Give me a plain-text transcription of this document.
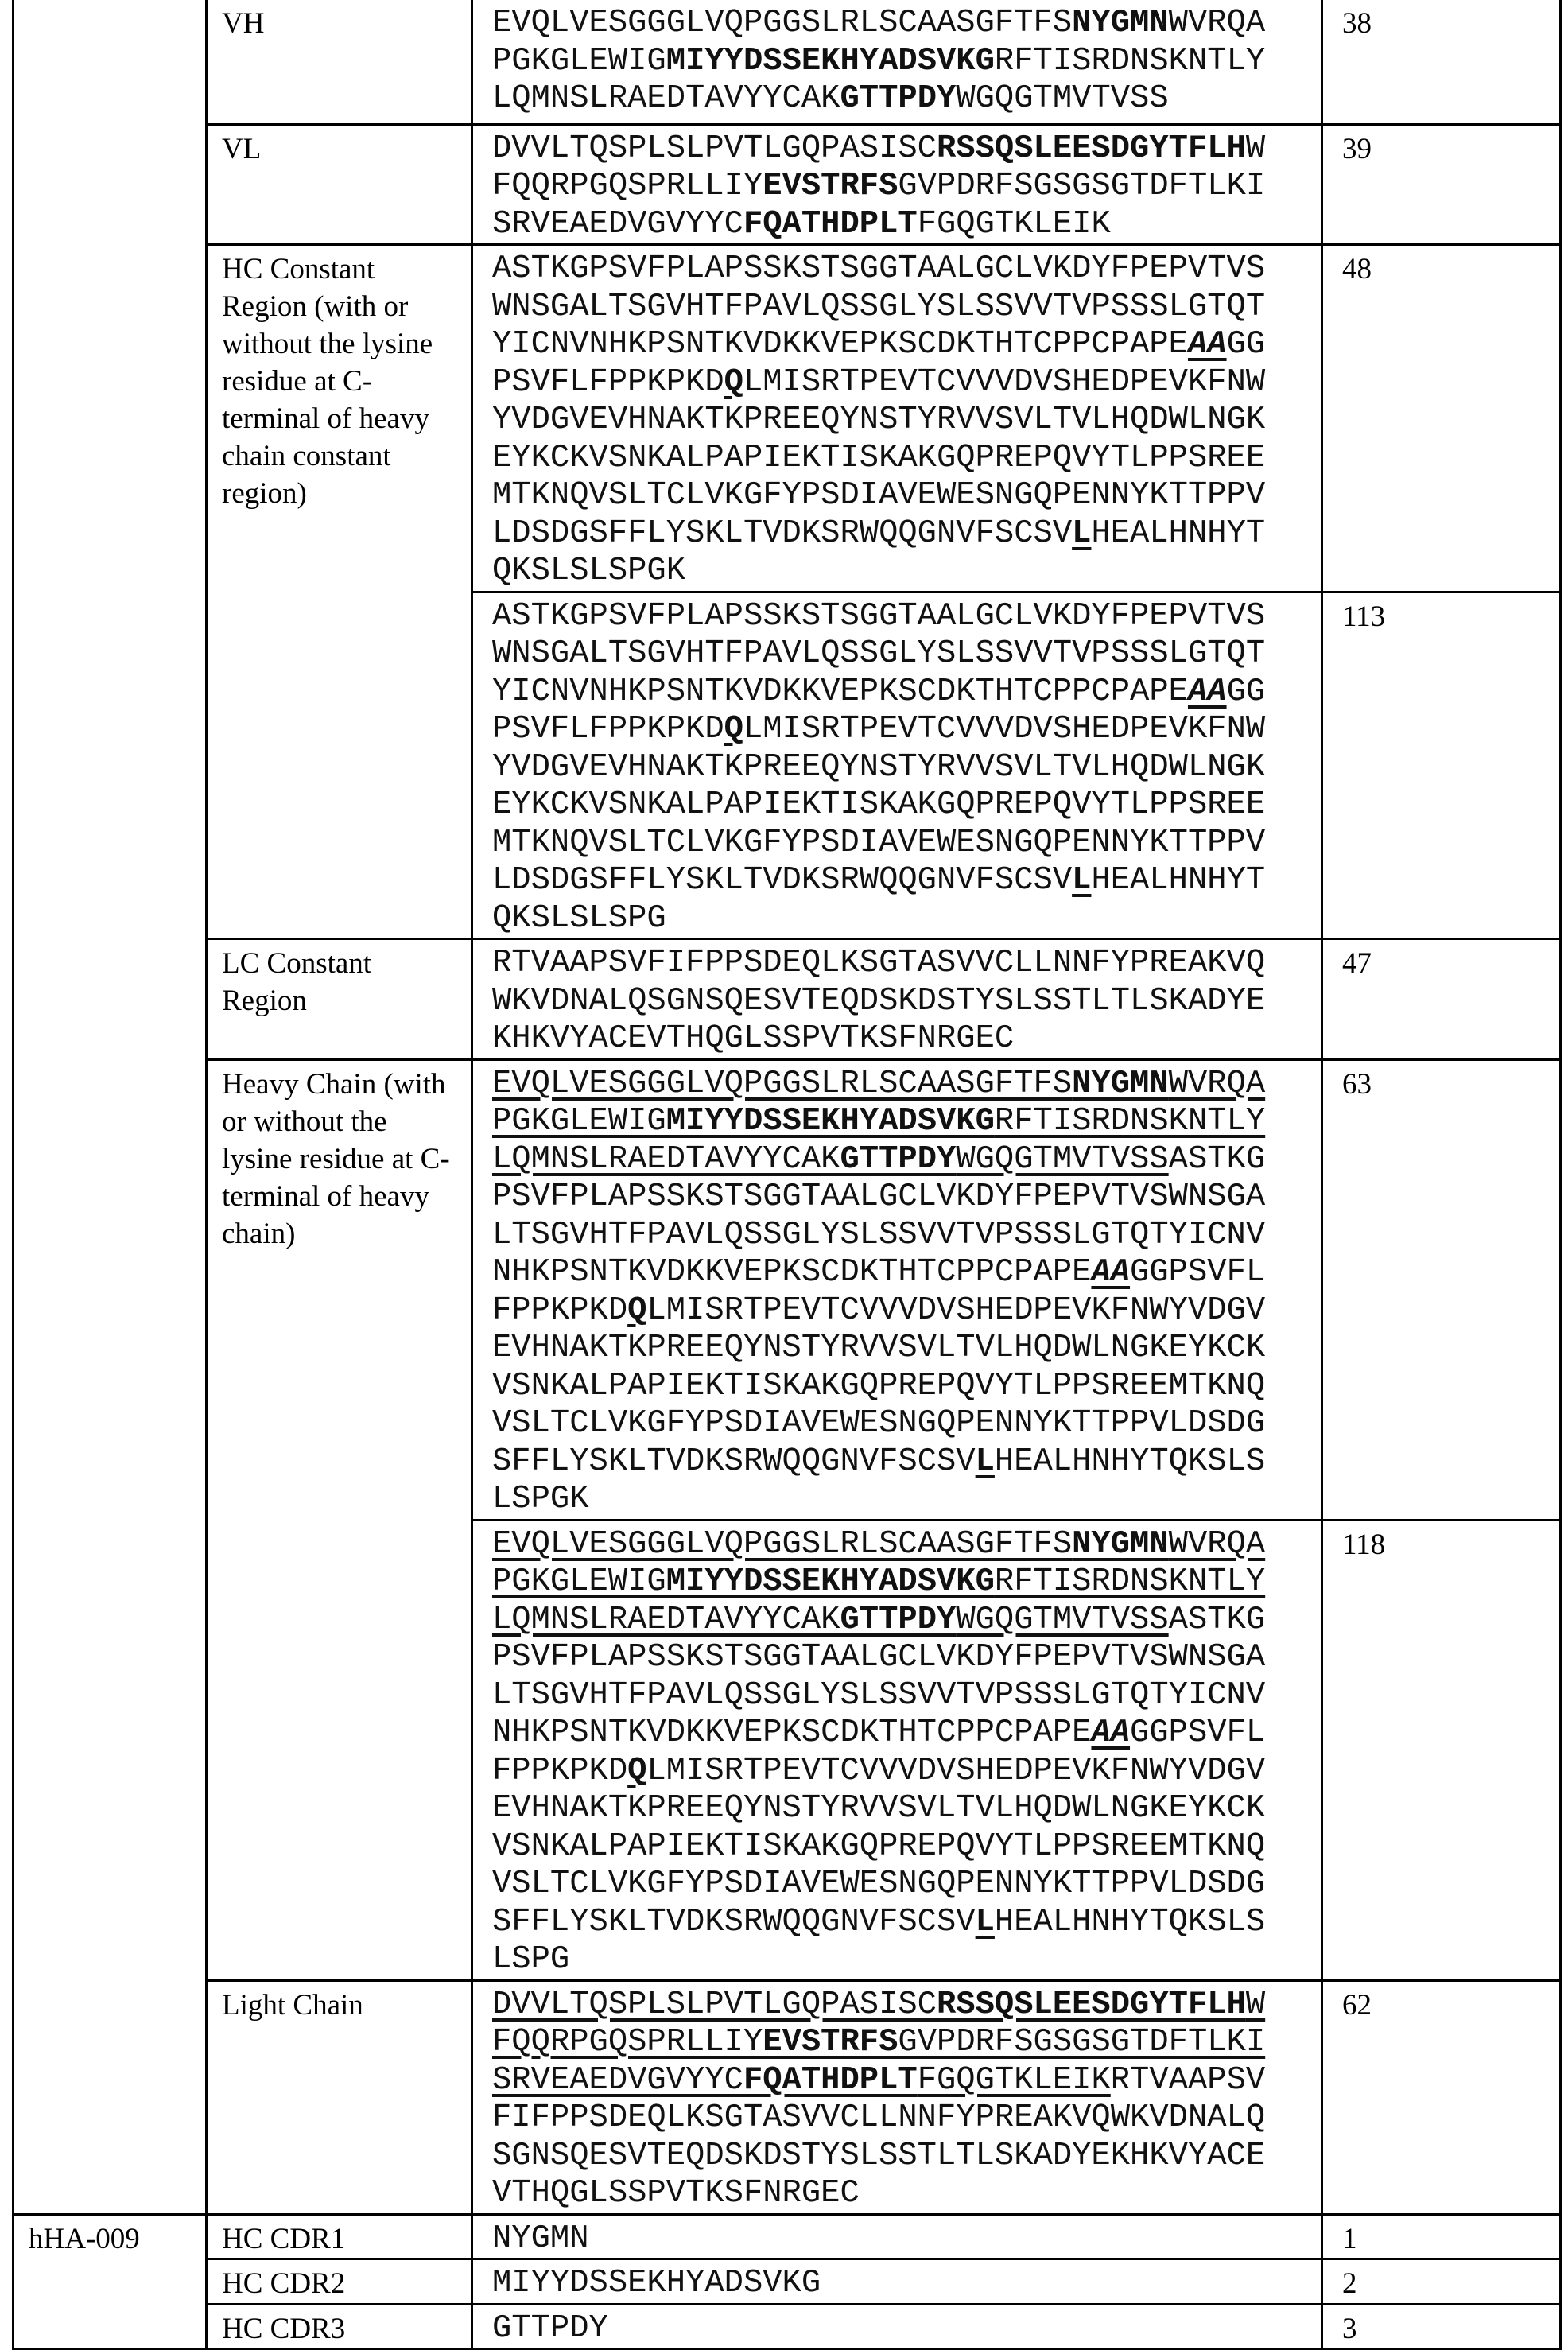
	VH	EVQLVESGGGLVQPGGSLRLSCAASGFTFSNYGMNWVRQA
PGKGLEWIGMIYYDSSEKHYADSVKGRFTISRDNSKNTLY
LQMNSLRAEDTAVYYCAKGTTPDYWGQGTMVTVSS
	38
VL	DVVLTQSPLSLPVTLGQPASISCRSSQSLEESDGYTFLHW
FQQRPGQSPRLLIYEVSTRFSGVPDRFSGSGSGTDFTLKI
SRVEAEDVGVYYCFQATHDPLTFGQGTKLEIK
	39
HC Constant Region (with or without the lysine residue at C-terminal of heavy chain constant region)	
ASTKGPSVFPLAPSSKSTSGGTAALGCLVKDYFPEPVTVS
WNSGALTSGVHTFPAVLQSSGLYSLSSVVTVPSSSLGTQT
YICNVNHKPSNTKVDKKVEPKSCDKTHTCPPCPAPEAAGG
PSVFLFPPKPKDQLMISRTPEVTCVVVDVSHEDPEVKFNW
YVDGVEVHNAKTKPREEQYNSTYRVVSVLTVLHQDWLNGK
EYKCKVSNKALPAPIEKTISKAKGQPREPQVYTLPPSREE
MTKNQVSLTCLVKGFYPSDIAVEWESNGQPENNYKTTPPV
LDSDGSFFLYSKLTVDKSRWQQGNVFSCSVLHEALHNHYT
QKSLSLSPGK
	48

ASTKGPSVFPLAPSSKSTSGGTAALGCLVKDYFPEPVTVS
WNSGALTSGVHTFPAVLQSSGLYSLSSVVTVPSSSLGTQT
YICNVNHKPSNTKVDKKVEPKSCDKTHTCPPCPAPEAAGG
PSVFLFPPKPKDQLMISRTPEVTCVVVDVSHEDPEVKFNW
YVDGVEVHNAKTKPREEQYNSTYRVVSVLTVLHQDWLNGK
EYKCKVSNKALPAPIEKTISKAKGQPREPQVYTLPPSREE
MTKNQVSLTCLVKGFYPSDIAVEWESNGQPENNYKTTPPV
LDSDGSFFLYSKLTVDKSRWQQGNVFSCSVLHEALHNHYT
QKSLSLSPG
	113
LC Constant Region	
RTVAAPSVFIFPPSDEQLKSGTASVVCLLNNFYPREAKVQ
WKVDNALQSGNSQESVTEQDSKDSTYSLSSTLTLSKADYE
KHKVYACEVTHQGLSSPVTKSFNRGEC
	47
Heavy Chain (with or without the lysine residue at C-terminal of heavy chain)	
EVQLVESGGGLVQPGGSLRLSCAASGFTFSNYGMNWVRQA
PGKGLEWIGMIYYDSSEKHYADSVKGRFTISRDNSKNTLY
LQMNSLRAEDTAVYYCAKGTTPDYWGQGTMVTVSSASTKG
PSVFPLAPSSKSTSGGTAALGCLVKDYFPEPVTVSWNSGA
LTSGVHTFPAVLQSSGLYSLSSVVTVPSSSLGTQTYICNV
NHKPSNTKVDKKVEPKSCDKTHTCPPCPAPEAAGGPSVFL
FPPKPKDQLMISRTPEVTCVVVDVSHEDPEVKFNWYVDGV
EVHNAKTKPREEQYNSTYRVVSVLTVLHQDWLNGKEYKCK
VSNKALPAPIEKTISKAKGQPREPQVYTLPPSREEMTKNQ
VSLTCLVKGFYPSDIAVEWESNGQPENNYKTTPPVLDSDG
SFFLYSKLTVDKSRWQQGNVFSCSVLHEALHNHYTQKSLS
LSPGK
	63

EVQLVESGGGLVQPGGSLRLSCAASGFTFSNYGMNWVRQA
PGKGLEWIGMIYYDSSEKHYADSVKGRFTISRDNSKNTLY
LQMNSLRAEDTAVYYCAKGTTPDYWGQGTMVTVSSASTKG
PSVFPLAPSSKSTSGGTAALGCLVKDYFPEPVTVSWNSGA
LTSGVHTFPAVLQSSGLYSLSSVVTVPSSSLGTQTYICNV
NHKPSNTKVDKKVEPKSCDKTHTCPPCPAPEAAGGPSVFL
FPPKPKDQLMISRTPEVTCVVVDVSHEDPEVKFNWYVDGV
EVHNAKTKPREEQYNSTYRVVSVLTVLHQDWLNGKEYKCK
VSNKALPAPIEKTISKAKGQPREPQVYTLPPSREEMTKNQ
VSLTCLVKGFYPSDIAVEWESNGQPENNYKTTPPVLDSDG
SFFLYSKLTVDKSRWQQGNVFSCSVLHEALHNHYTQKSLS
LSPG
	118
Light Chain	DVVLTQSPLSLPVTLGQPASISCRSSQSLEESDGYTFLHW
FQQRPGQSPRLLIYEVSTRFSGVPDRFSGSGSGTDFTLKI
SRVEAEDVGVYYCFQATHDPLTFGQGTKLEIKRTVAAPSV
FIFPPSDEQLKSGTASVVCLLNNFYPREAKVQWKVDNALQ
SGNSQESVTEQDSKDSTYSLSSTLTLSKADYEKHKVYACE
VTHQGLSSPVTKSFNRGEC
	62
hHA-009	HC CDR1	NYGMN	1
HC CDR2	MIYYDSSEKHYADSVKG	2
HC CDR3	GTTPDY	3
